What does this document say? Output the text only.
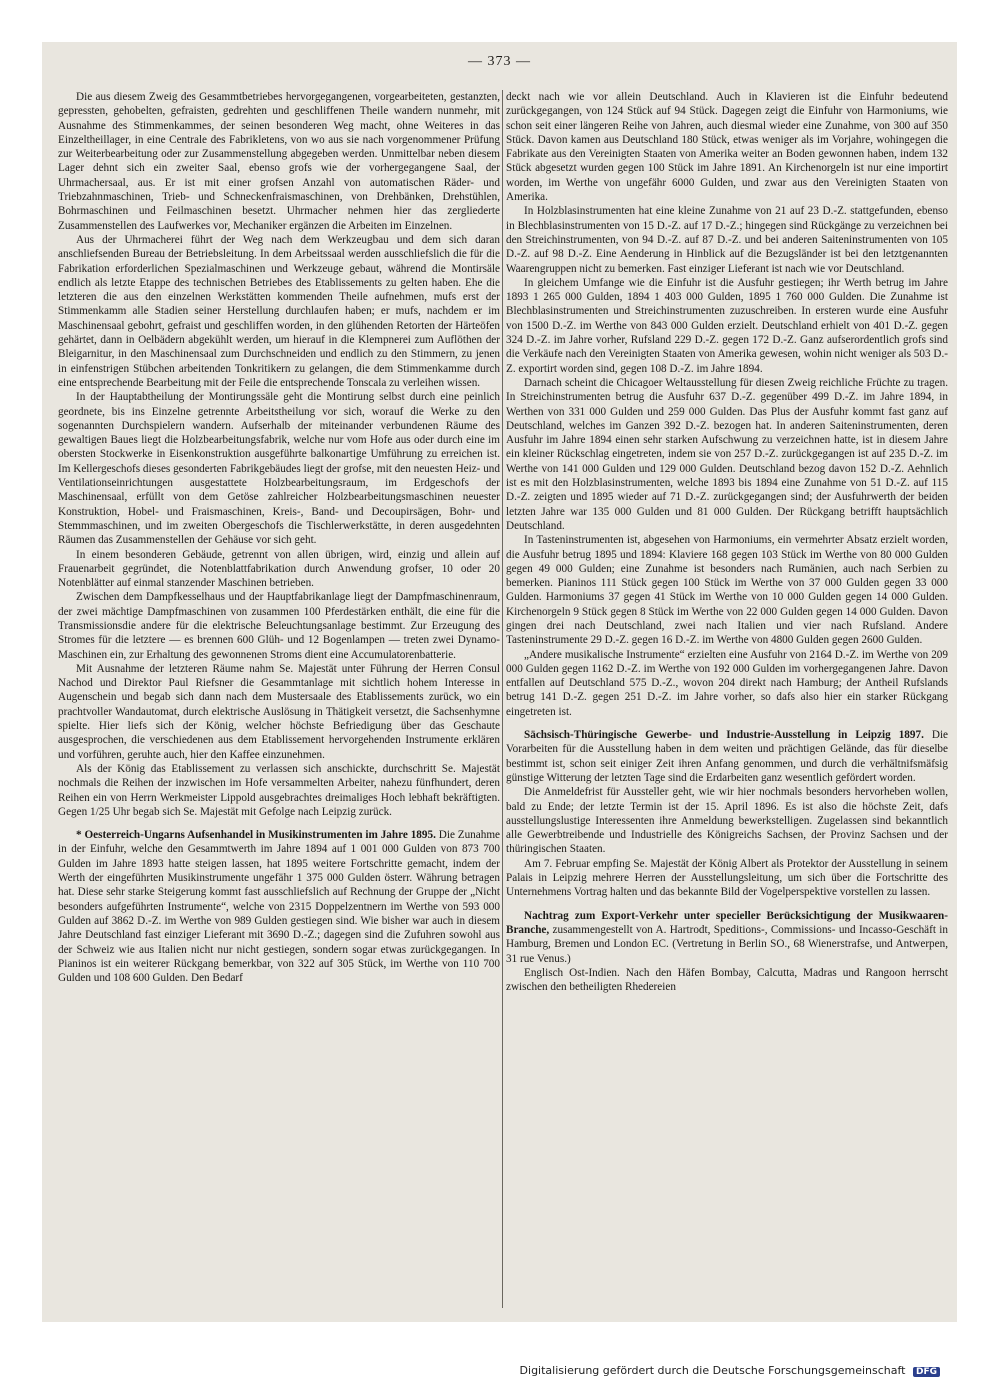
— 373 —

Die aus diesem Zweig des Gesammtbetriebes hervorgegangenen, vorgearbeiteten, gestanzten, gepressten, gehobelten, gefraisten, gedrehten und geschliffenen Theile wandern nunmehr, mit Ausnahme des Stimmenkammes, der seinen besonderen Weg macht, ohne Weiteres in das Einzeltheillager, in eine Centrale des Fabrikletens, von wo aus sie nach vorgenommener Prüfung zur Weiterbearbeitung oder zur Zusammenstellung abgegeben werden. Unmittelbar neben diesem Lager dehnt sich ein zweiter Saal, ebenso grofs wie der vorhergegangene Saal, der Uhrmachersaal, aus. Er ist mit einer grofsen Anzahl von automatischen Räder- und Triebzahnmaschinen, Trieb- und Schneckenfraismaschinen, von Drehbänken, Drehstühlen, Bohrmaschinen und Feilmaschinen besetzt. Uhrmacher nehmen hier das zergliederte Zusammenstellen des Laufwerkes vor, Mechaniker ergänzen die Arbeiten im Einzelnen.

Aus der Uhrmacherei führt der Weg nach dem Werkzeugbau und dem sich daran anschliefsenden Bureau der Betriebsleitung. In dem Arbeitssaal werden ausschliefslich die für die Fabrikation erforderlichen Spezialmaschinen und Werkzeuge gebaut, während die Montirsäle endlich als letzte Etappe des technischen Betriebes des Etablissements zu gelten haben. Ehe die letzteren die aus den einzelnen Werkstätten kommenden Theile aufnehmen, mufs erst der Stimmenkamm alle Stadien seiner Herstellung durchlaufen haben; er mufs, nachdem er im Maschinensaal gebohrt, gefraist und geschliffen worden, in den glühenden Retorten der Härteöfen gehärtet, dann in Oelbädern abgekühlt werden, um hierauf in die Klempnerei zum Auflöthen der Bleigarnitur, in den Maschinensaal zum Durchschneiden und endlich zu den Stimmern, zu jenen in einfenstrigen Stübchen arbeitenden Tonkritikern zu gelangen, die dem Stimmenkamme durch eine entsprechende Bearbeitung mit der Feile die entsprechende Tonscala zu verleihen wissen.

In der Hauptabtheilung der Montirungssäle geht die Montirung selbst durch eine peinlich geordnete, bis ins Einzelne getrennte Arbeitstheilung vor sich, worauf die Werke zu den sogenannten Durchspielern wandern. Aufserhalb der miteinander verbundenen Räume des gewaltigen Baues liegt die Holzbearbeitungsfabrik, welche nur vom Hofe aus oder durch eine im obersten Stockwerke in Eisenkonstruktion ausgeführte balkonartige Umführung zu erreichen ist. Im Kellergeschofs dieses gesonderten Fabrikgebäudes liegt der grofse, mit den neuesten Heiz- und Ventilationseinrichtungen ausgestattete Holzbearbeitungsraum, im Erdgeschofs der Maschinensaal, erfüllt von dem Getöse zahlreicher Holzbearbeitungsmaschinen neuester Konstruktion, Hobel- und Fraismaschinen, Kreis-, Band- und Decoupirsägen, Bohr- und Stemmmaschinen, und im zweiten Obergeschofs die Tischlerwerkstätte, in deren ausgedehnten Räumen das Zusammenstellen der Gehäuse vor sich geht.

In einem besonderen Gebäude, getrennt von allen übrigen, wird, einzig und allein auf Frauenarbeit gegründet, die Notenblattfabrikation durch Anwendung grofser, 10 oder 20 Notenblätter auf einmal stanzender Maschinen betrieben.

Zwischen dem Dampfkesselhaus und der Hauptfabrikanlage liegt der Dampfmaschinenraum, der zwei mächtige Dampfmaschinen von zusammen 100 Pferdestärken enthält, die eine für die Transmissionsdie andere für die elektrische Beleuchtungsanlage bestimmt. Zur Erzeugung des Stromes für die letztere — es brennen 600 Glüh- und 12 Bogenlampen — treten zwei Dynamo-Maschinen ein, zur Erhaltung des gewonnenen Stroms dient eine Accumulatorenbatterie.

Mit Ausnahme der letzteren Räume nahm Se. Majestät unter Führung der Herren Consul Nachod und Direktor Paul Riefsner die Gesammtanlage mit sichtlich hohem Interesse in Augenschein und begab sich dann nach dem Mustersaale des Etablissements zurück, wo ein prachtvoller Wandautomat, durch elektrische Auslösung in Thätigkeit versetzt, die Sachsenhymne spielte. Hier liefs sich der König, welcher höchste Befriedigung über das Geschaute ausgesprochen, die verschiedenen aus dem Etablissement hervorgehenden Instrumente erklären und vorführen, geruhte auch, hier den Kaffee einzunehmen.

Als der König das Etablissement zu verlassen sich anschickte, durchschritt Se. Majestät nochmals die Reihen der inzwischen im Hofe versammelten Arbeiter, nahezu fünfhundert, deren Reihen ein von Herrn Werkmeister Lippold ausgebrachtes dreimaliges Hoch lebhaft bekräftigten. Gegen 1/25 Uhr begab sich Se. Majestät mit Gefolge nach Leipzig zurück.

* Oesterreich-Ungarns Aufsenhandel in Musikinstrumenten im Jahre 1895. Die Zunahme in der Einfuhr, welche den Gesammtwerth im Jahre 1894 auf 1 001 000 Gulden von 873 700 Gulden im Jahre 1893 hatte steigen lassen, hat 1895 weitere Fortschritte gemacht, indem der Werth der eingeführten Musikinstrumente ungefähr 1 375 000 Gulden österr. Währung betragen hat. Diese sehr starke Steigerung kommt fast ausschliefslich auf Rechnung der Gruppe der „Nicht besonders aufgeführten Instrumente“, welche von 2315 Doppelzentnern im Werthe von 593 000 Gulden auf 3862 D.-Z. im Werthe von 989 Gulden gestiegen sind. Wie bisher war auch in diesem Jahre Deutschland fast einziger Lieferant mit 3690 D.-Z.; dagegen sind die Zufuhren sowohl aus der Schweiz wie aus Italien nicht nur nicht gestiegen, sondern sogar etwas zurückgegangen. In Pianinos ist ein weiterer Rückgang bemerkbar, von 322 auf 305 Stück, im Werthe von 110 700 Gulden und 108 600 Gulden. Den Bedarf

deckt nach wie vor allein Deutschland. Auch in Klavieren ist die Einfuhr bedeutend zurückgegangen, von 124 Stück auf 94 Stück. Dagegen zeigt die Einfuhr von Harmoniums, wie schon seit einer längeren Reihe von Jahren, auch diesmal wieder eine Zunahme, von 300 auf 350 Stück. Davon kamen aus Deutschland 180 Stück, etwas weniger als im Vorjahre, wohingegen die Fabrikate aus den Vereinigten Staaten von Amerika weiter an Boden gewonnen haben, indem 132 Stück abgesetzt wurden gegen 100 Stück im Jahre 1891. An Kirchenorgeln ist nur eine importirt worden, im Werthe von ungefähr 6000 Gulden, und zwar aus den Vereinigten Staaten von Amerika.

In Holzblasinstrumenten hat eine kleine Zunahme von 21 auf 23 D.-Z. stattgefunden, ebenso in Blechblasinstrumenten von 15 D.-Z. auf 17 D.-Z.; hingegen sind Rückgänge zu verzeichnen bei den Streichinstrumenten, von 94 D.-Z. auf 87 D.-Z. und bei anderen Saiteninstrumenten von 105 D.-Z. auf 98 D.-Z. Eine Aenderung in Hinblick auf die Bezugsländer ist bei den letztgenannten Waarengruppen nicht zu bemerken. Fast einziger Lieferant ist nach wie vor Deutschland.

In gleichem Umfange wie die Einfuhr ist die Ausfuhr gestiegen; ihr Werth betrug im Jahre 1893 1 265 000 Gulden, 1894 1 403 000 Gulden, 1895 1 760 000 Gulden. Die Zunahme ist Blechblasinstrumenten und Streichinstrumenten zuzuschreiben. In ersteren wurde eine Ausfuhr von 1500 D.-Z. im Werthe von 843 000 Gulden erzielt. Deutschland erhielt von 401 D.-Z. gegen 324 D.-Z. im Jahre vorher, Rufsland 229 D.-Z. gegen 172 D.-Z. Ganz aufserordentlich grofs sind die Verkäufe nach den Vereinigten Staaten von Amerika gewesen, wohin nicht weniger als 503 D.-Z. exportirt worden sind, gegen 108 D.-Z. im Jahre 1894.

Darnach scheint die Chicagoer Weltausstellung für diesen Zweig reichliche Früchte zu tragen. In Streichinstrumenten betrug die Ausfuhr 637 D.-Z. gegenüber 499 D.-Z. im Jahre 1894, in Werthen von 331 000 Gulden und 259 000 Gulden. Das Plus der Ausfuhr kommt fast ganz auf Deutschland, welches im Ganzen 392 D.-Z. bezogen hat. In anderen Saiteninstrumenten, deren Ausfuhr im Jahre 1894 einen sehr starken Aufschwung zu verzeichnen hatte, ist in diesem Jahre ein kleiner Rückschlag eingetreten, indem sie von 257 D.-Z. zurückgegangen ist auf 235 D.-Z. im Werthe von 141 000 Gulden und 129 000 Gulden. Deutschland bezog davon 152 D.-Z. Aehnlich ist es mit den Holzblasinstrumenten, welche 1893 bis 1894 eine Zunahme von 51 D.-Z. auf 115 D.-Z. zeigten und 1895 wieder auf 71 D.-Z. zurückgegangen sind; der Ausfuhrwerth der beiden letzten Jahre war 135 000 Gulden und 81 000 Gulden. Der Rückgang betrifft hauptsächlich Deutschland.

In Tasteninstrumenten ist, abgesehen von Harmoniums, ein vermehrter Absatz erzielt worden, die Ausfuhr betrug 1895 und 1894: Klaviere 168 gegen 103 Stück im Werthe von 80 000 Gulden gegen 49 000 Gulden; eine Zunahme ist besonders nach Rumänien, auch nach Serbien zu bemerken. Pianinos 111 Stück gegen 100 Stück im Werthe von 37 000 Gulden gegen 33 000 Gulden. Harmoniums 37 gegen 41 Stück im Werthe von 10 000 Gulden gegen 14 000 Gulden. Kirchenorgeln 9 Stück gegen 8 Stück im Werthe von 22 000 Gulden gegen 14 000 Gulden. Davon gingen drei nach Deutschland, zwei nach Italien und vier nach Rufsland. Andere Tasteninstrumente 29 D.-Z. gegen 16 D.-Z. im Werthe von 4800 Gulden gegen 2600 Gulden.

„Andere musikalische Instrumente“ erzielten eine Ausfuhr von 2164 D.-Z. im Werthe von 209 000 Gulden gegen 1162 D.-Z. im Werthe von 192 000 Gulden im vorhergegangenen Jahre. Davon entfallen auf Deutschland 575 D.-Z., wovon 204 direkt nach Hamburg; der Antheil Rufslands betrug 141 D.-Z. gegen 251 D.-Z. im Jahre vorher, so dafs also hier ein starker Rückgang eingetreten ist.

Sächsisch-Thüringische Gewerbe- und Industrie-Ausstellung in Leipzig 1897. Die Vorarbeiten für die Ausstellung haben in dem weiten und prächtigen Gelände, das für dieselbe bestimmt ist, schon seit einiger Zeit ihren Anfang genommen, und durch die verhältnifsmäfsig günstige Witterung der letzten Tage sind die Erdarbeiten ganz wesentlich gefördert worden.

Die Anmeldefrist für Aussteller geht, wie wir hier nochmals besonders hervorheben wollen, bald zu Ende; der letzte Termin ist der 15. April 1896. Es ist also die höchste Zeit, dafs ausstellungslustige Interessenten ihre Anmeldung bewerkstelligen. Zugelassen sind bekanntlich alle Gewerbtreibende und Industrielle des Königreichs Sachsen, der Provinz Sachsen und der thüringischen Staaten.

Am 7. Februar empfing Se. Majestät der König Albert als Protektor der Ausstellung in seinem Palais in Leipzig mehrere Herren der Ausstellungsleitung, um sich über die Fortschritte des Unternehmens Vortrag halten und das bekannte Bild der Vogelperspektive vorstellen zu lassen.

Nachtrag zum Export-Verkehr unter specieller Berücksichtigung der Musikwaaren-Branche, zusammengestellt von A. Hartrodt, Speditions-, Commissions- und Incasso-Geschäft in Hamburg, Bremen und London EC. (Vertretung in Berlin SO., 68 Wienerstrafse, und Antwerpen, 31 rue Venus.)

Englisch Ost-Indien. Nach den Häfen Bombay, Calcutta, Madras und Rangoon herrscht zwischen den betheiligten Rhedereien

Digitalisierung gefördert durch die Deutsche Forschungsgemeinschaft DFG
